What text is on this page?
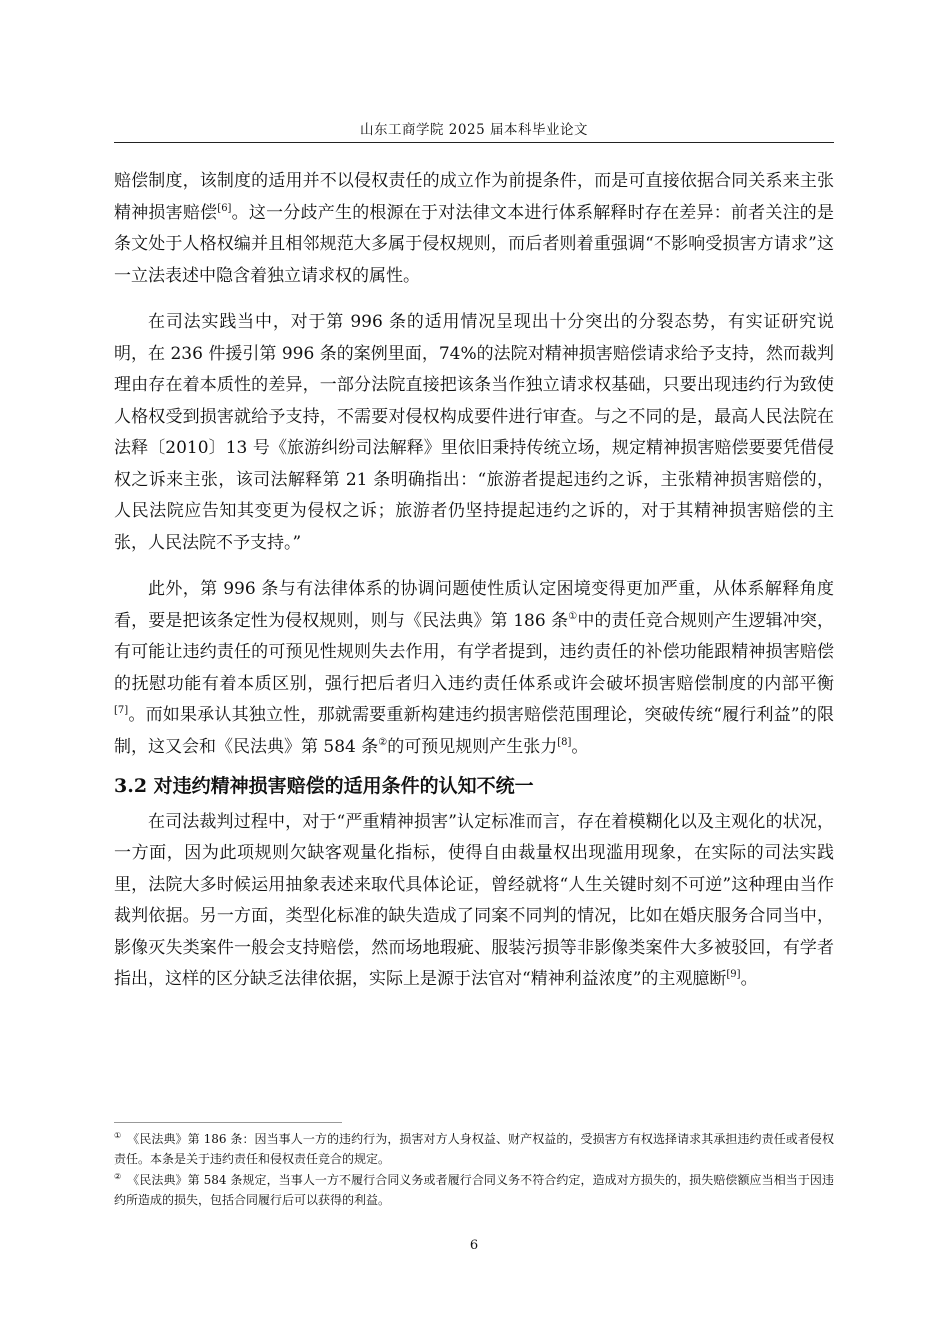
山东工商学院 2025 届本科毕业论文

赔偿制度，该制度的适用并不以侵权责任的成立作为前提条件，而是可直接依据合同关系来主张精神损害赔偿[6]。这一分歧产生的根源在于对法律文本进行体系解释时存在差异：前者关注的是条文处于人格权编并且相邻规范大多属于侵权规则，而后者则着重强调“不影响受损害方请求”这一立法表述中隐含着独立请求权的属性。

在司法实践当中，对于第 996 条的适用情况呈现出十分突出的分裂态势，有实证研究说明，在 236 件援引第 996 条的案例里面，74%的法院对精神损害赔偿请求给予支持，然而裁判理由存在着本质性的差异，一部分法院直接把该条当作独立请求权基础，只要出现违约行为致使人格权受到损害就给予支持，不需要对侵权构成要件进行审查。与之不同的是，最高人民法院在法释〔2010〕13 号《旅游纠纷司法解释》里依旧秉持传统立场，规定精神损害赔偿要要凭借侵权之诉来主张，该司法解释第 21 条明确指出：“旅游者提起违约之诉，主张精神损害赔偿的，人民法院应告知其变更为侵权之诉；旅游者仍坚持提起违约之诉的，对于其精神损害赔偿的主张，人民法院不予支持。”

此外，第 996 条与有法律体系的协调问题使性质认定困境变得更加严重，从体系解释角度看，要是把该条定性为侵权规则，则与《民法典》第 186 条①中的责任竞合规则产生逻辑冲突，有可能让违约责任的可预见性规则失去作用，有学者提到，违约责任的补偿功能跟精神损害赔偿的抚慰功能有着本质区别，强行把后者归入违约责任体系或许会破坏损害赔偿制度的内部平衡[7]。而如果承认其独立性，那就需要重新构建违约损害赔偿范围理论，突破传统“履行利益”的限制，这又会和《民法典》第 584 条②的可预见规则产生张力[8]。

3.2 对违约精神损害赔偿的适用条件的认知不统一

在司法裁判过程中，对于“严重精神损害”认定标准而言，存在着模糊化以及主观化的状况，一方面，因为此项规则欠缺客观量化指标，使得自由裁量权出现滥用现象，在实际的司法实践里，法院大多时候运用抽象表述来取代具体论证，曾经就将“人生关键时刻不可逆”这种理由当作裁判依据。另一方面，类型化标准的缺失造成了同案不同判的情况，比如在婚庆服务合同当中，影像灭失类案件一般会支持赔偿，然而场地瑕疵、服装污损等非影像类案件大多被驳回，有学者指出，这样的区分缺乏法律依据，实际上是源于法官对“精神利益浓度”的主观臆断[9]。

① 《民法典》第 186 条：因当事人一方的违约行为，损害对方人身权益、财产权益的，受损害方有权选择请求其承担违约责任或者侵权责任。本条是关于违约责任和侵权责任竞合的规定。

② 《民法典》第 584 条规定，当事人一方不履行合同义务或者履行合同义务不符合约定，造成对方损失的，损失赔偿额应当相当于因违约所造成的损失，包括合同履行后可以获得的利益。

6
